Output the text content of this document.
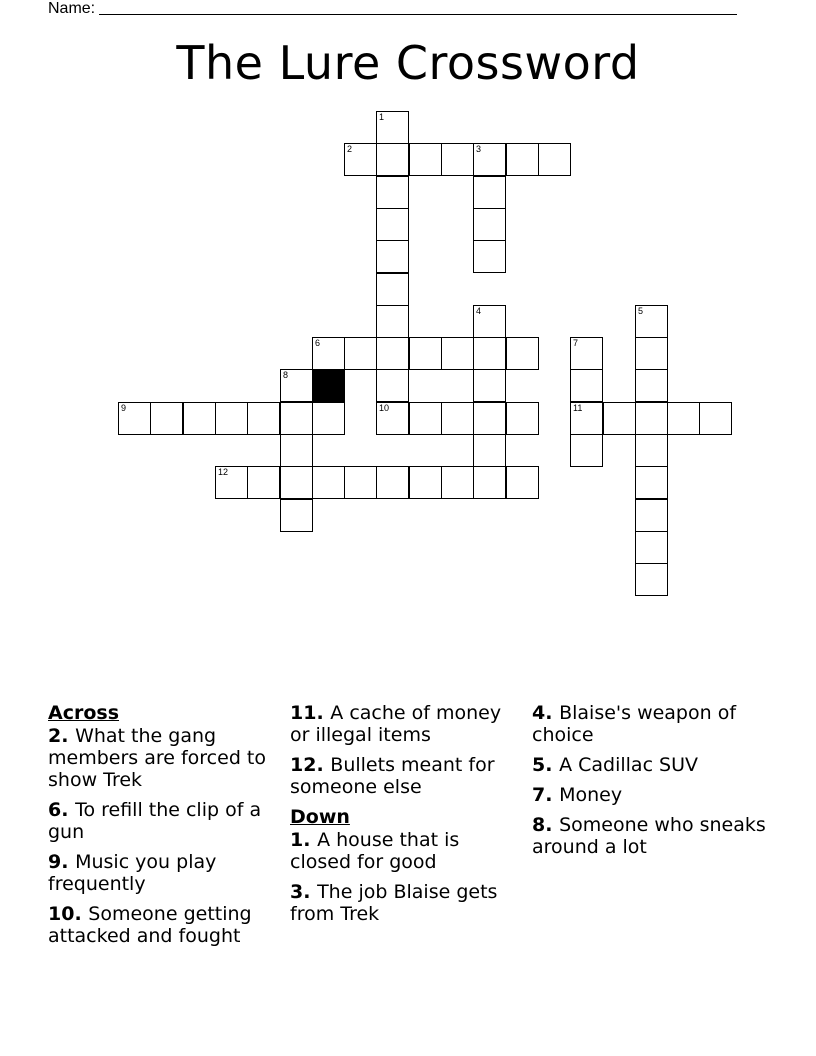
Name:
The Lure Crossword
1
2	3
4	5
6	7
8
9	10	11
12
Across
2. What the gang members are forced to show Trek
6. To refill the clip of a gun
9. Music you play frequently
10. Someone getting attacked and fought
11. A cache of money or illegal items
12. Bullets meant for someone else
Down
1. A house that is closed for good
3. The job Blaise gets from Trek
4. Blaise's weapon of choice
5. A Cadillac SUV
7. Money
8. Someone who sneaks around a lot
